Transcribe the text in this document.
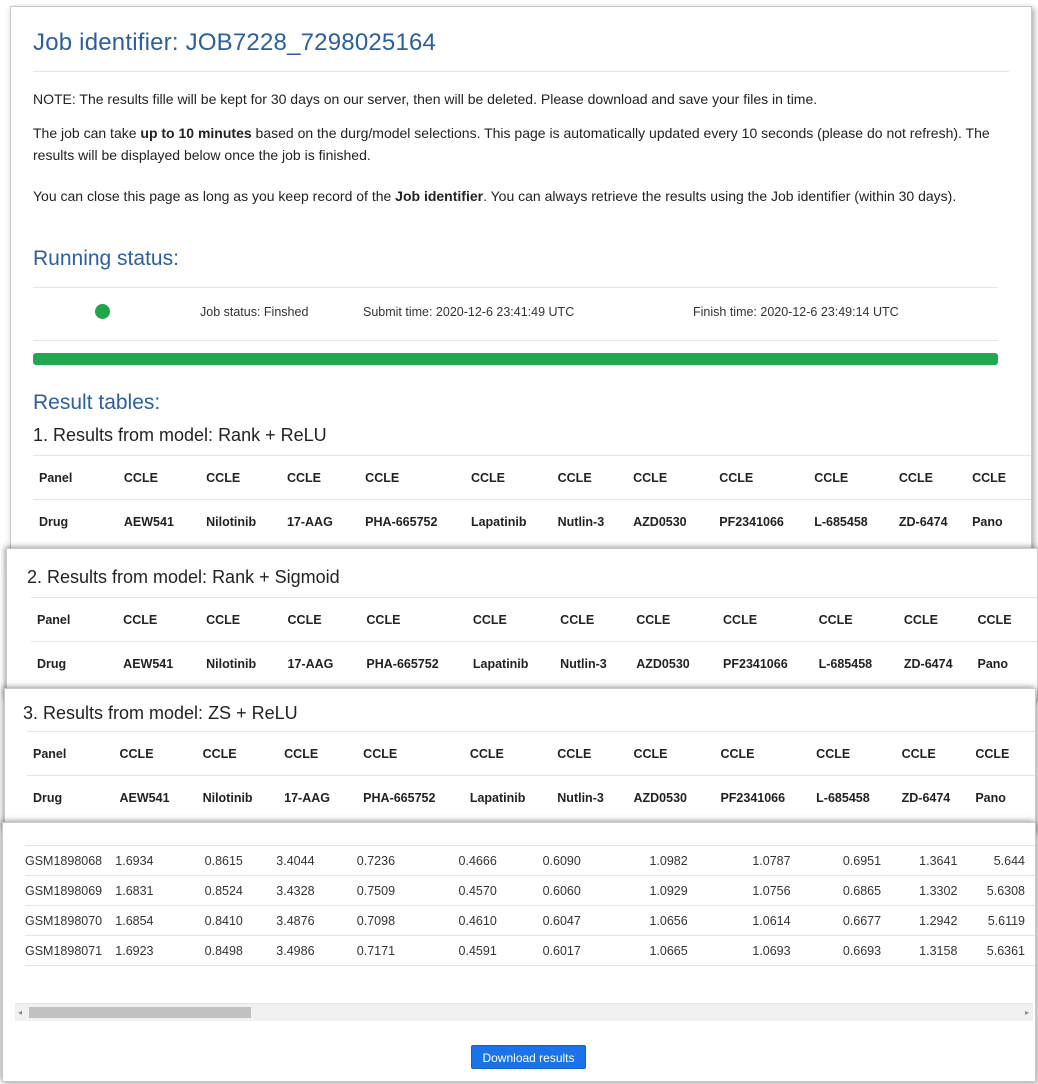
Job identifier: JOB7228_7298025164

NOTE: The results fille will be kept for 30 days on our server, then will be deleted. Please download and save your files in time.

The job can take up to 10 minutes based on the durg/model selections. This page is automatically updated every 10 seconds (please do not refresh). The results will be displayed below once the job is finished.

You can close this page as long as you keep record of the Job identifier. You can always retrieve the results using the Job identifier (within 30 days).

Running status:
Job status: Finshed	Submit time: 2020-12-6 23:41:49 UTC	Finish time: 2020-12-6 23:49:14 UTC
Result tables:
1. Results from model: Rank + ReLU
Panel	CCLE	CCLE	CCLE	CCLE	CCLE	CCLE	CCLE	CCLE	CCLE	CCLE	CCLE
Drug	AEW541	Nilotinib	17-AAG	PHA-665752	Lapatinib	Nutlin-3	AZD0530	PF2341066	L-685458	ZD-6474	Pano
2. Results from model: Rank + Sigmoid
Panel	CCLE	CCLE	CCLE	CCLE	CCLE	CCLE	CCLE	CCLE	CCLE	CCLE	CCLE
Drug	AEW541	Nilotinib	17-AAG	PHA-665752	Lapatinib	Nutlin-3	AZD0530	PF2341066	L-685458	ZD-6474	Pano
3. Results from model: ZS + ReLU
Panel	CCLE	CCLE	CCLE	CCLE	CCLE	CCLE	CCLE	CCLE	CCLE	CCLE	CCLE
Drug	AEW541	Nilotinib	17-AAG	PHA-665752	Lapatinib	Nutlin-3	AZD0530	PF2341066	L-685458	ZD-6474	Pano
GSM1898068	1.6934	0.8615	3.4044	0.7236	0.4666	0.6090	1.0982	1.0787	0.6951	1.3641	5.644
GSM1898069	1.6831	0.8524	3.4328	0.7509	0.4570	0.6060	1.0929	1.0756	0.6865	1.3302	5.6308
GSM1898070	1.6854	0.8410	3.4876	0.7098	0.4610	0.6047	1.0656	1.0614	0.6677	1.2942	5.6119
GSM1898071	1.6923	0.8498	3.4986	0.7171	0.4591	0.6017	1.0665	1.0693	0.6693	1.3158	5.6361

◂	▸
Download results
